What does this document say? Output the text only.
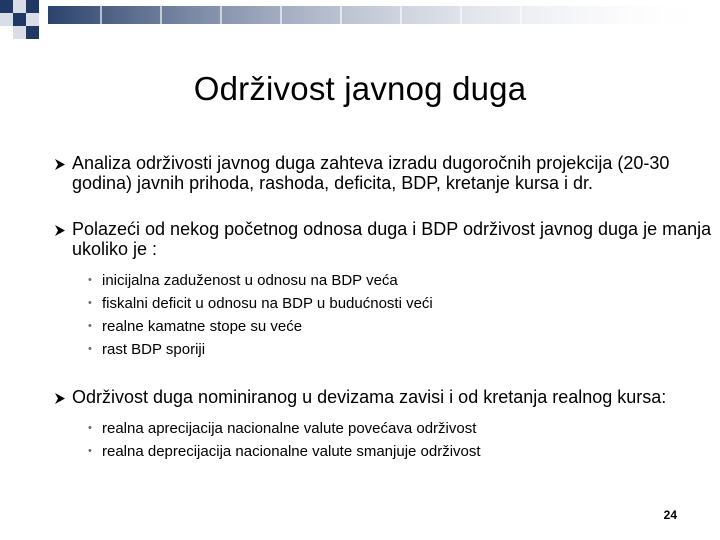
Održivost javnog duga
Analiza održivosti javnog duga zahteva izradu dugoročnih projekcija (20-30 godina) javnih prihoda, rashoda, deficita, BDP, kretanje kursa i dr.
Polazeći od nekog početnog odnosa duga i BDP održivost javnog duga je manja ukoliko je :
• inicijalna zaduženost u odnosu na BDP veća
• fiskalni deficit u odnosu na BDP u budućnosti veći
• realne kamatne stope su veće
• rast BDP sporiji
Održivost duga nominiranog u devizama zavisi i od kretanja realnog kursa:
• realna aprecijacija nacionalne valute povećava održivost
• realna deprecijacija nacionalne valute smanjuje održivost
24
